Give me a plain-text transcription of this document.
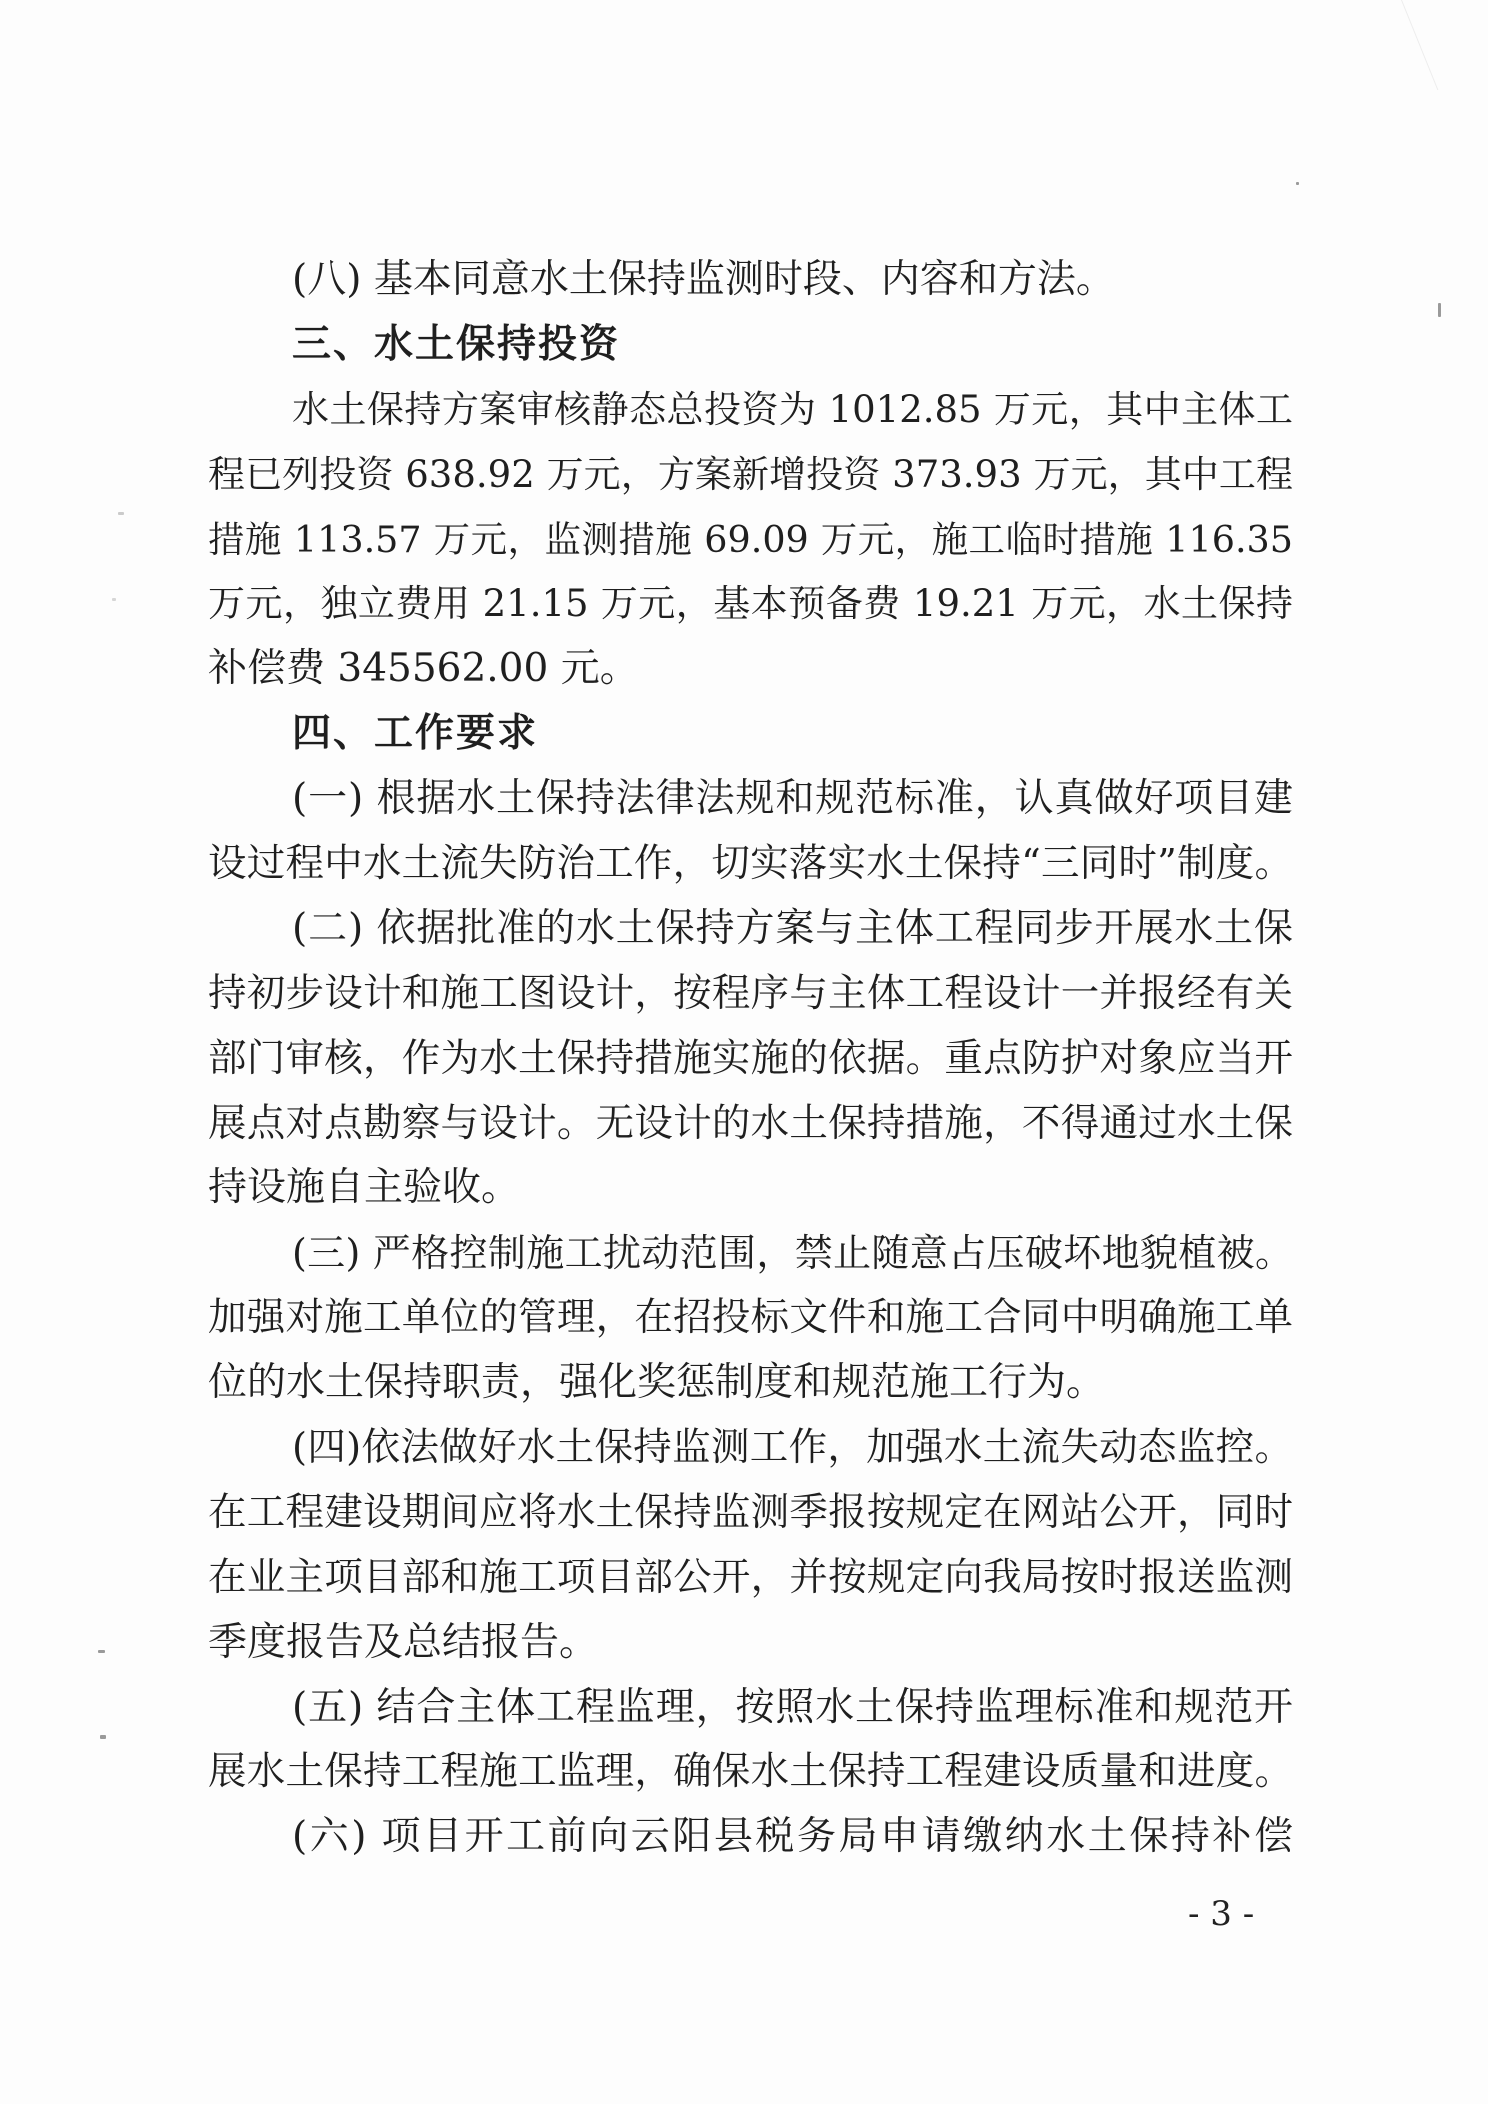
(八) 基本同意水土保持监测时段、内容和方法。
三、水土保持投资
水土保持方案审核静态总投资为 1012.85 万元，其中主体工
程已列投资 638.92 万元，方案新增投资 373.93 万元，其中工程
措施 113.57 万元，监测措施 69.09 万元，施工临时措施 116.35
万元，独立费用 21.15 万元，基本预备费 19.21 万元，水土保持
补偿费 345562.00 元。
四、工作要求
(一) 根据水土保持法律法规和规范标准，认真做好项目建
设过程中水土流失防治工作，切实落实水土保持“三同时”制度。
(二) 依据批准的水土保持方案与主体工程同步开展水土保
持初步设计和施工图设计，按程序与主体工程设计一并报经有关
部门审核，作为水土保持措施实施的依据。重点防护对象应当开
展点对点勘察与设计。无设计的水土保持措施，不得通过水土保
持设施自主验收。
(三) 严格控制施工扰动范围，禁止随意占压破坏地貌植被。
加强对施工单位的管理，在招投标文件和施工合同中明确施工单
位的水土保持职责，强化奖惩制度和规范施工行为。
(四)依法做好水土保持监测工作，加强水土流失动态监控。
在工程建设期间应将水土保持监测季报按规定在网站公开，同时
在业主项目部和施工项目部公开，并按规定向我局按时报送监测
季度报告及总结报告。
(五) 结合主体工程监理，按照水土保持监理标准和规范开
展水土保持工程施工监理，确保水土保持工程建设质量和进度。
(六) 项目开工前向云阳县税务局申请缴纳水土保持补偿
- 3 -
